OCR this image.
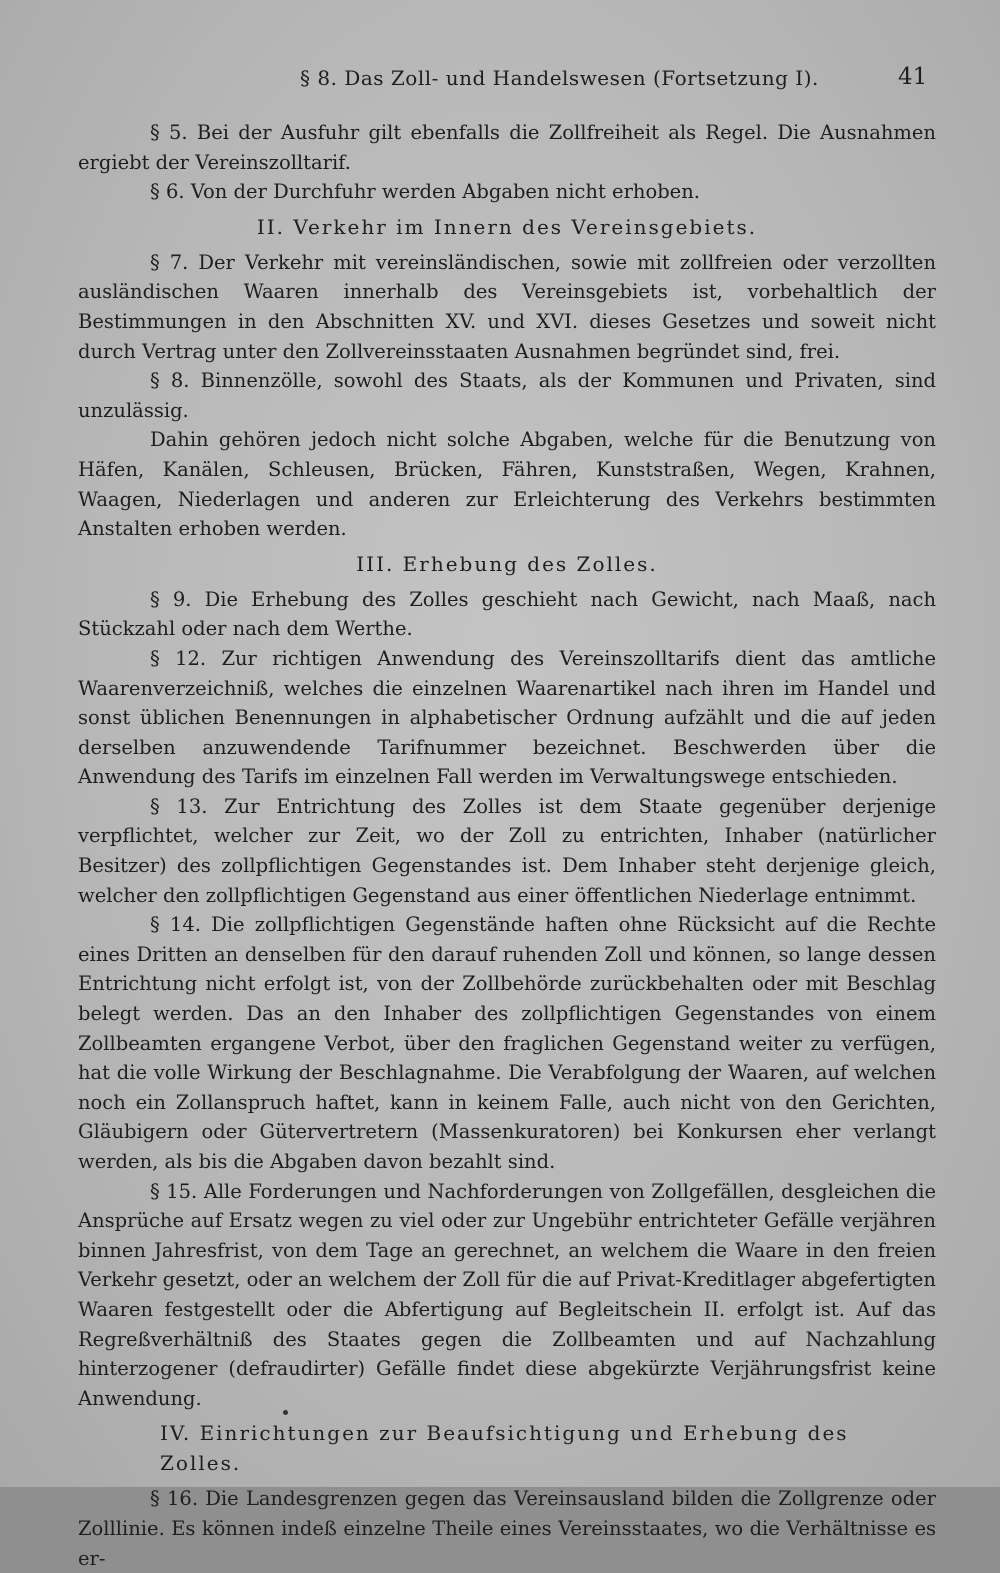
§ 8. Das Zoll- und Handelswesen (Fortsetzung I).	41

§ 5. Bei der Ausfuhr gilt ebenfalls die Zollfreiheit als Regel. Die Ausnahmen ergiebt der Vereinszolltarif.

§ 6. Von der Durchfuhr werden Abgaben nicht erhoben.

II. Verkehr im Innern des Vereinsgebiets.

§ 7. Der Verkehr mit vereinsländischen, sowie mit zollfreien oder verzollten ausländischen Waaren innerhalb des Vereinsgebiets ist, vorbehaltlich der Bestimmungen in den Abschnitten XV. und XVI. dieses Gesetzes und soweit nicht durch Vertrag unter den Zollvereinsstaaten Ausnahmen begründet sind, frei.

§ 8. Binnenzölle, sowohl des Staats, als der Kommunen und Privaten, sind unzulässig.

Dahin gehören jedoch nicht solche Abgaben, welche für die Benutzung von Häfen, Kanälen, Schleusen, Brücken, Fähren, Kunststraßen, Wegen, Krahnen, Waagen, Niederlagen und anderen zur Erleichterung des Verkehrs bestimmten Anstalten erhoben werden.

III. Erhebung des Zolles.

§ 9. Die Erhebung des Zolles geschieht nach Gewicht, nach Maaß, nach Stückzahl oder nach dem Werthe.

§ 12. Zur richtigen Anwendung des Vereinszolltarifs dient das amtliche Waarenverzeichniß, welches die einzelnen Waarenartikel nach ihren im Handel und sonst üblichen Benennungen in alphabetischer Ordnung aufzählt und die auf jeden derselben anzuwendende Tarifnummer bezeichnet. Beschwerden über die Anwendung des Tarifs im einzelnen Fall werden im Verwaltungswege entschieden.

§ 13. Zur Entrichtung des Zolles ist dem Staate gegenüber derjenige verpflichtet, welcher zur Zeit, wo der Zoll zu entrichten, Inhaber (natürlicher Besitzer) des zollpflichtigen Gegenstandes ist. Dem Inhaber steht derjenige gleich, welcher den zollpflichtigen Gegenstand aus einer öffentlichen Niederlage entnimmt.

§ 14. Die zollpflichtigen Gegenstände haften ohne Rücksicht auf die Rechte eines Dritten an denselben für den darauf ruhenden Zoll und können, so lange dessen Entrichtung nicht erfolgt ist, von der Zollbehörde zurückbehalten oder mit Beschlag belegt werden. Das an den Inhaber des zollpflichtigen Gegenstandes von einem Zollbeamten ergangene Verbot, über den fraglichen Gegenstand weiter zu verfügen, hat die volle Wirkung der Beschlagnahme. Die Verabfolgung der Waaren, auf welchen noch ein Zollanspruch haftet, kann in keinem Falle, auch nicht von den Gerichten, Gläubigern oder Gütervertretern (Massenkuratoren) bei Konkursen eher verlangt werden, als bis die Abgaben davon bezahlt sind.

§ 15. Alle Forderungen und Nachforderungen von Zollgefällen, desgleichen die Ansprüche auf Ersatz wegen zu viel oder zur Ungebühr entrichteter Gefälle verjähren binnen Jahresfrist, von dem Tage an gerechnet, an welchem die Waare in den freien Verkehr gesetzt, oder an welchem der Zoll für die auf Privat-Kreditlager abgefertigten Waaren festgestellt oder die Abfertigung auf Begleitschein II. erfolgt ist. Auf das Regreßverhältniß des Staates gegen die Zollbeamten und auf Nachzahlung hinterzogener (defraudirter) Gefälle findet diese abgekürzte Verjährungsfrist keine Anwendung.

IV. Einrichtungen zur Beaufsichtigung und Erhebung des Zolles.

§ 16. Die Landesgrenzen gegen das Vereinsausland bilden die Zollgrenze oder Zolllinie. Es können indeß einzelne Theile eines Vereinsstaates, wo die Verhältnisse es er-
